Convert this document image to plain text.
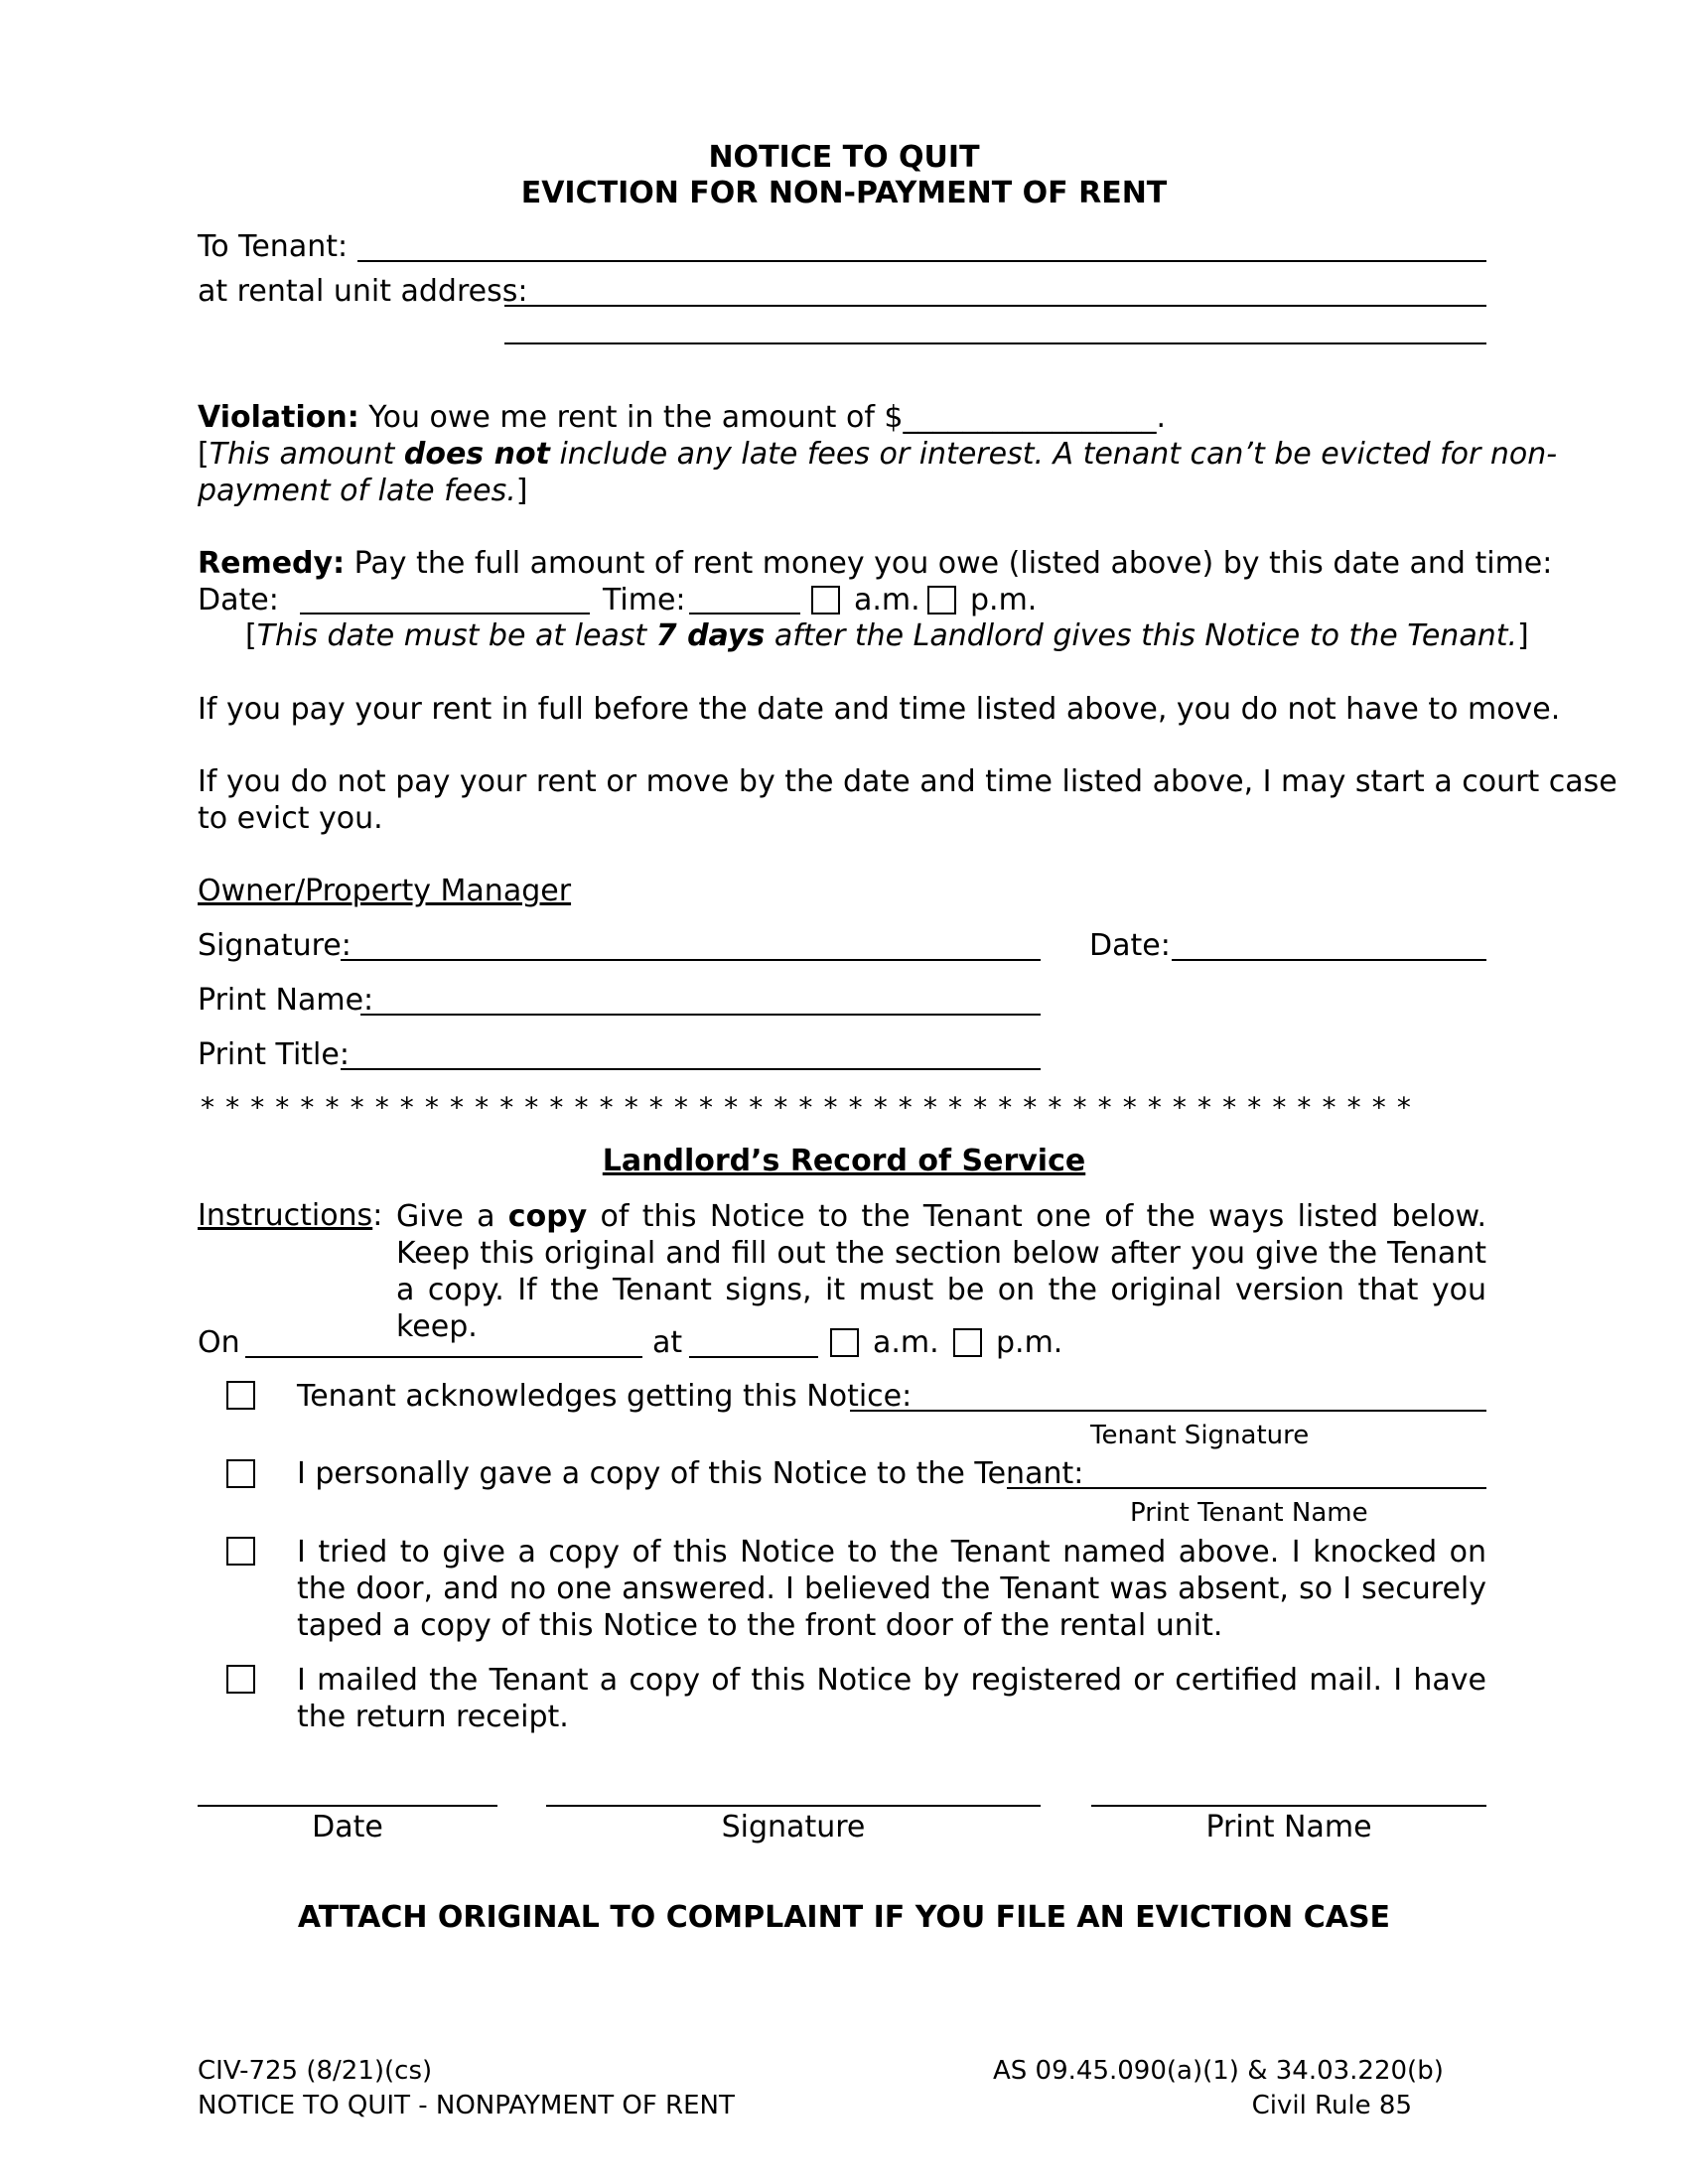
NOTICE TO QUIT
EVICTION FOR NON-PAYMENT OF RENT
To Tenant:
at rental unit address:
Violation: You owe me rent in the amount of $_________________.
[This amount does not include any late fees or interest. A tenant can’t be evicted for non-
payment of late fees.]
Remedy: Pay the full amount of rent money you owe (listed above) by this date and time:
Date:	Time:	a.m. p.m.
[This date must be at least 7 days after the Landlord gives this Notice to the Tenant.]
If you pay your rent in full before the date and time listed above, you do not have to move.
If you do not pay your rent or move by the date and time listed above, I may start a court case
to evict you.
Owner/Property Manager
Signature:	Date:
Print Name:
Print Title:
* * * * * * * * * * * * * * * * * * * * * * * * * * * * * * * * * * * * * * * * * * * * * * * * *
Landlord’s Record of Service
Instructions: Give a copy of this Notice to the Tenant one of the ways listed below. Keep this original and fill out the section below after you give the Tenant a copy. If the Tenant signs, it must be on the original version that you keep.
On	at	a.m. p.m.
Tenant acknowledges getting this Notice:
Tenant Signature
I personally gave a copy of this Notice to the Tenant:
Print Tenant Name
I tried to give a copy of this Notice to the Tenant named above. I knocked on the door, and no one answered. I believed the Tenant was absent, so I securely taped a copy of this Notice to the front door of the rental unit.
I mailed the Tenant a copy of this Notice by registered or certified mail. I have the return receipt.
Date	Signature	Print Name
ATTACH ORIGINAL TO COMPLAINT IF YOU FILE AN EVICTION CASE
CIV-725 (8/21)(cs)
NOTICE TO QUIT - NONPAYMENT OF RENT
AS 09.45.090(a)(1) & 34.03.220(b)
Civil Rule 85
